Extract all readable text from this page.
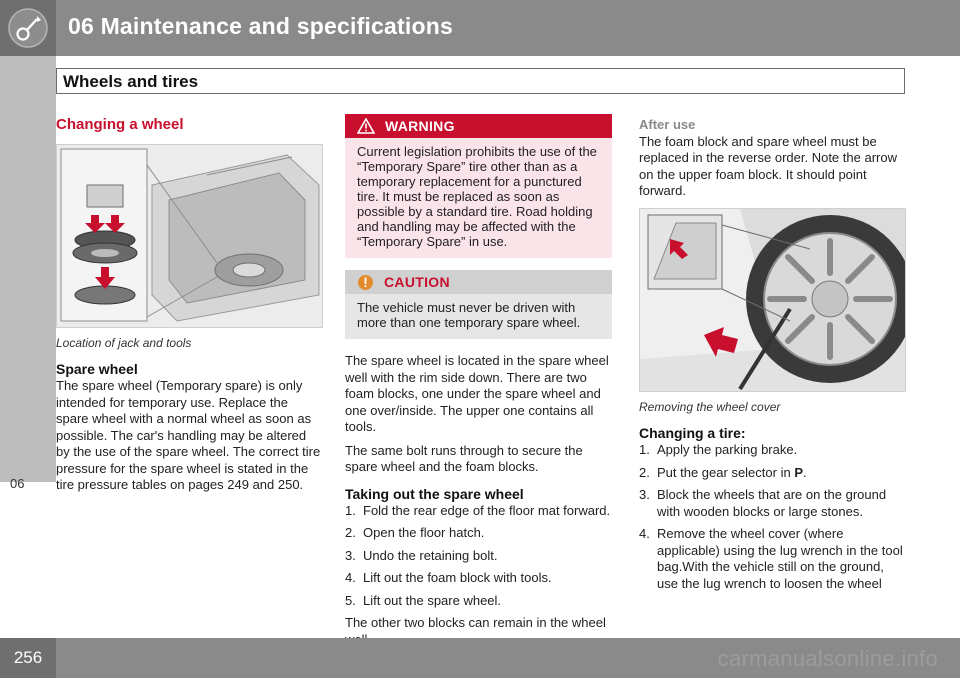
06 Maintenance and specifications
Wheels and tires
06
Changing a wheel
Location of jack and tools
Spare wheel

The spare wheel (Temporary spare) is only intended for temporary use. Replace the spare wheel with a normal wheel as soon as possible. The car's handling may be altered by the use of the spare wheel. The correct tire pressure for the spare wheel is stated in the tire pressure tables on pages 249 and 250.

WARNING
Current legislation prohibits the use of the “Temporary Spare” tire other than as a temporary replacement for a punctured tire. It must be replaced as soon as possible by a standard tire. Road holding and handling may be affected with the “Temporary Spare” in use.
CAUTION
The vehicle must never be driven with more than one temporary spare wheel.

The spare wheel is located in the spare wheel well with the rim side down. There are two foam blocks, one under the spare wheel and one over/inside. The upper one contains all tools.

The same bolt runs through to secure the spare wheel and the foam blocks.

Taking out the spare wheel
1. Fold the rear edge of the floor mat forward.
2. Open the floor hatch.
3. Undo the retaining bolt.
4. Lift out the foam block with tools.
5. Lift out the spare wheel.

The other two blocks can remain in the wheel

After use

The foam block and spare wheel must be replaced in the reverse order. Note the arrow on the upper foam block. It should point forward.

Removing the wheel cover
Changing a tire:
1. Apply the parking brake.
2. Put the gear selector in P.
3. Block the wheels that are on the ground with wooden blocks or large stones.
4. Remove the wheel cover (where applicable) using the lug wrench in the tool bag.With the vehicle still on the ground, use the lug wrench to loosen the wheel
256	carmanualsonline.info
